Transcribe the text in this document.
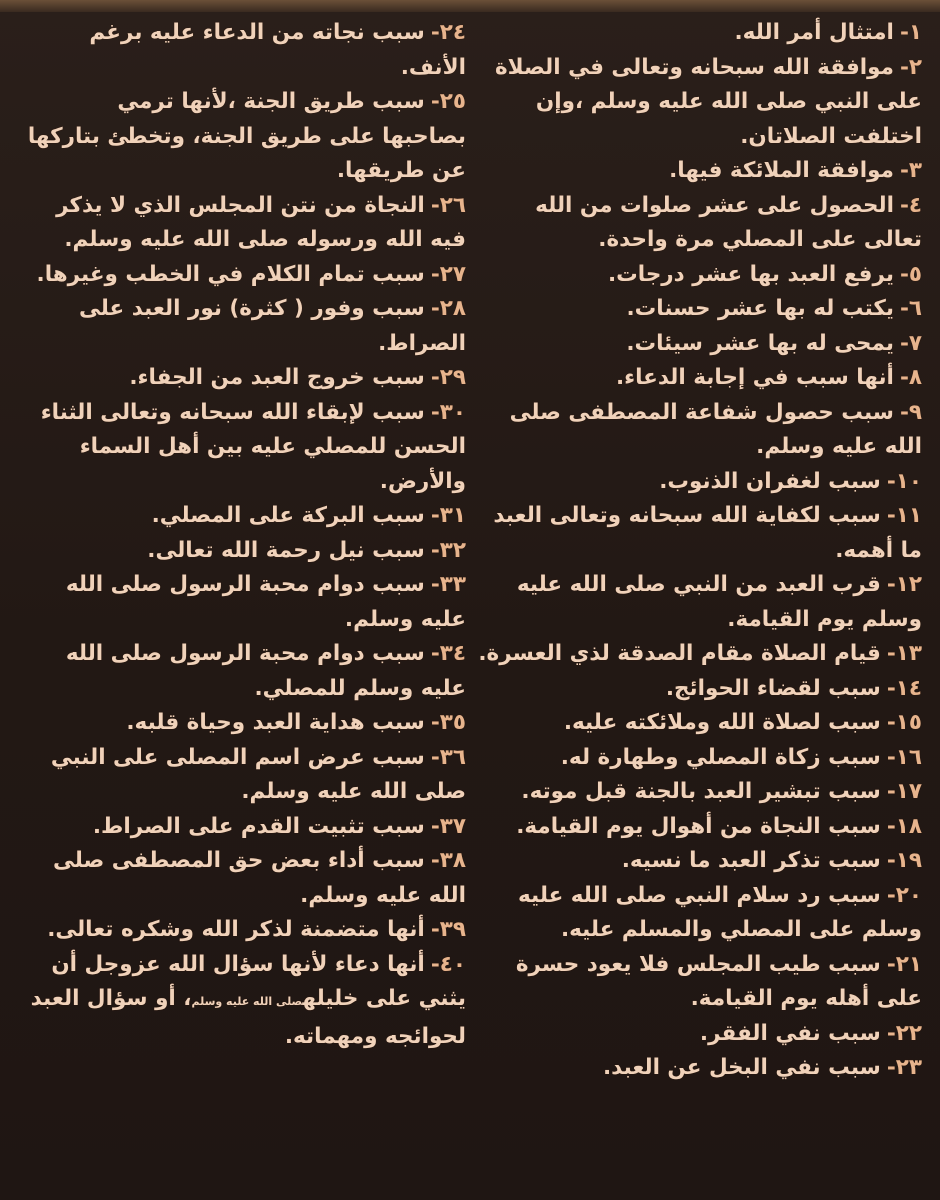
١-امتثال أمر الله.
٢-موافقة الله سبحانه وتعالى في الصلاة على النبي صلى الله عليه وسلم ،وإن اختلفت الصلاتان.
٣-موافقة الملائكة فيها.
٤-الحصول على عشر صلوات من الله تعالى على المصلي مرة واحدة.
٥-يرفع العبد بها عشر درجات.
٦-يكتب له بها عشر حسنات.
٧-يمحى له بها عشر سيئات.
٨-أنها سبب في إجابة الدعاء.
٩-سبب حصول شفاعة المصطفى صلى الله عليه وسلم.
١٠-سبب لغفران الذنوب.
١١-سبب لكفاية الله سبحانه وتعالى العبد ما أهمه.
١٢-قرب العبد من النبي صلى الله عليه وسلم يوم القيامة.
١٣-قيام الصلاة مقام الصدقة لذي العسرة.
١٤-سبب لقضاء الحوائج.
١٥-سبب لصلاة الله وملائكته عليه.
١٦-سبب زكاة المصلي وطهارة له.
١٧-سبب تبشير العبد بالجنة قبل موته.
١٨-سبب النجاة من أهوال يوم القيامة.
١٩-سبب تذكر العبد ما نسيه.
٢٠-سبب رد سلام النبي صلى الله عليه وسلم على المصلي والمسلم عليه.
٢١-سبب طيب المجلس فلا يعود حسرة على أهله يوم القيامة.
٢٢-سبب نفي الفقر.
٢٣-سبب نفي البخل عن العبد.
٢٤-سبب نجاته من الدعاء عليه برغم الأنف.
٢٥-سبب طريق الجنة ،لأنها ترمي بصاحبها على طريق الجنة، وتخطئ بتاركها عن طريقها.
٢٦-النجاة من نتن المجلس الذي لا يذكر فيه الله ورسوله صلى الله عليه وسلم.
٢٧-سبب تمام الكلام في الخطب وغيرها.
٢٨-سبب وفور ( كثرة) نور العبد على الصراط.
٢٩-سبب خروج العبد من الجفاء.
٣٠-سبب لإبقاء الله سبحانه وتعالى الثناء الحسن للمصلي عليه بين أهل السماء والأرض.
٣١-سبب البركة على المصلي.
٣٢-سبب نيل رحمة الله تعالى.
٣٣-سبب دوام محبة الرسول صلى الله عليه وسلم.
٣٤-سبب دوام محبة الرسول صلى الله عليه وسلم للمصلي.
٣٥-سبب هداية العبد وحياة قلبه.
٣٦-سبب عرض اسم المصلى على النبي صلى الله عليه وسلم.
٣٧-سبب تثبيت القدم على الصراط.
٣٨-سبب أداء بعض حق المصطفى صلى الله عليه وسلم.
٣٩-أنها متضمنة لذكر الله وشكره تعالى.
٤٠-أنها دعاء لأنها سؤال الله عزوجل أن يثني على خليلهصلى الله عليه وسلم، أو سؤال العبد لحوائجه ومهماته.
